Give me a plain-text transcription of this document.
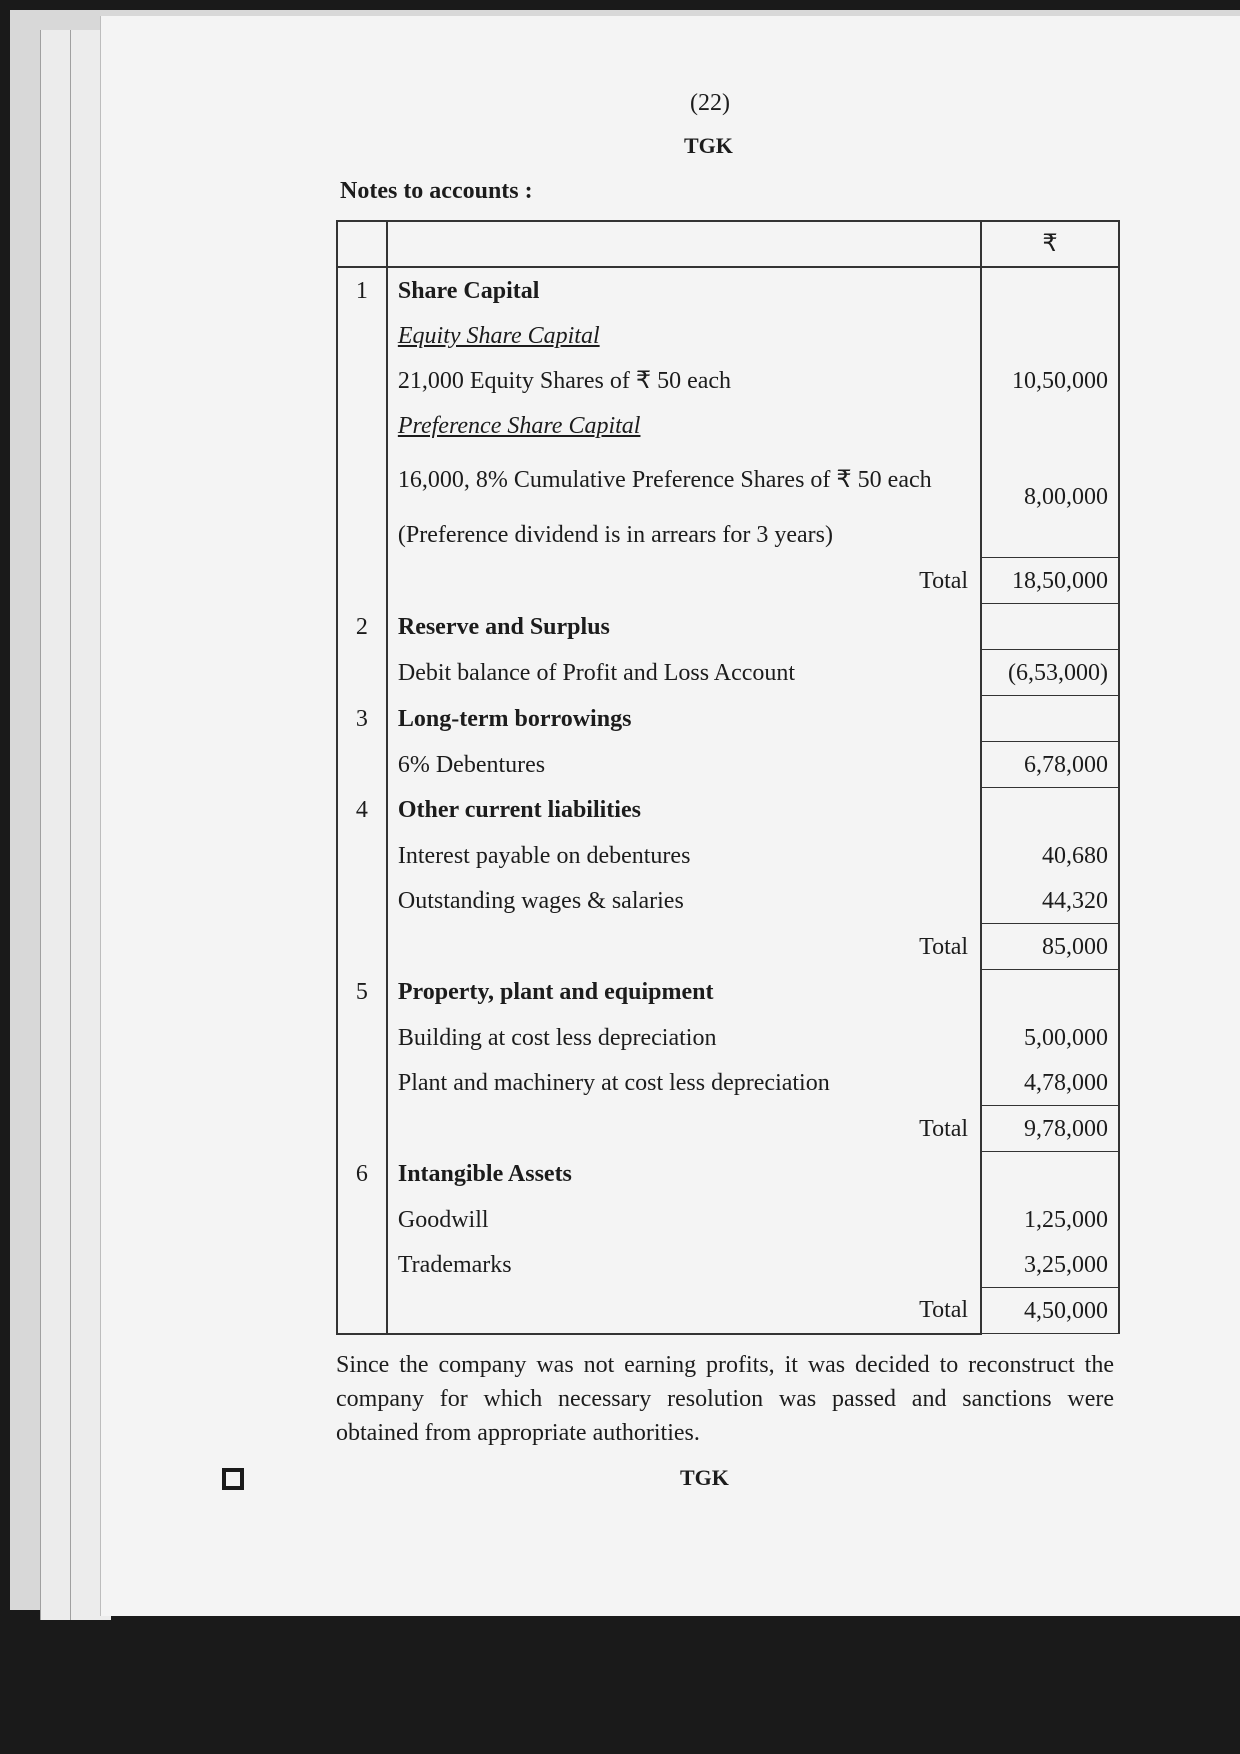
(22)
TGK
Notes to accounts :
		₹
1	Share Capital	
	Equity Share Capital	
	21,000 Equity Shares of ₹ 50 each	10,50,000
	Preference Share Capital	
	16,000, 8% Cumulative Preference Shares of ₹ 50 each	8,00,000
	(Preference dividend is in arrears for 3 years)	

	Total	18,50,000
2	Reserve and Surplus	
	Debit balance of Profit and Loss Account	(6,53,000)
3	Long-term borrowings	
	6% Debentures	6,78,000
4	Other current liabilities	
	Interest payable on debentures	40,680
	Outstanding wages & salaries	44,320

	Total	85,000
5	Property, plant and equipment	
	Building at cost less depreciation	5,00,000
	Plant and machinery at cost less depreciation	4,78,000

	Total	9,78,000
6	Intangible Assets	
	Goodwill	1,25,000
	Trademarks	3,25,000

	Total	4,50,000
Since the company was not earning profits, it was decided to reconstruct the company for which necessary resolution was passed and sanctions were obtained from appropriate authorities.
TGK
